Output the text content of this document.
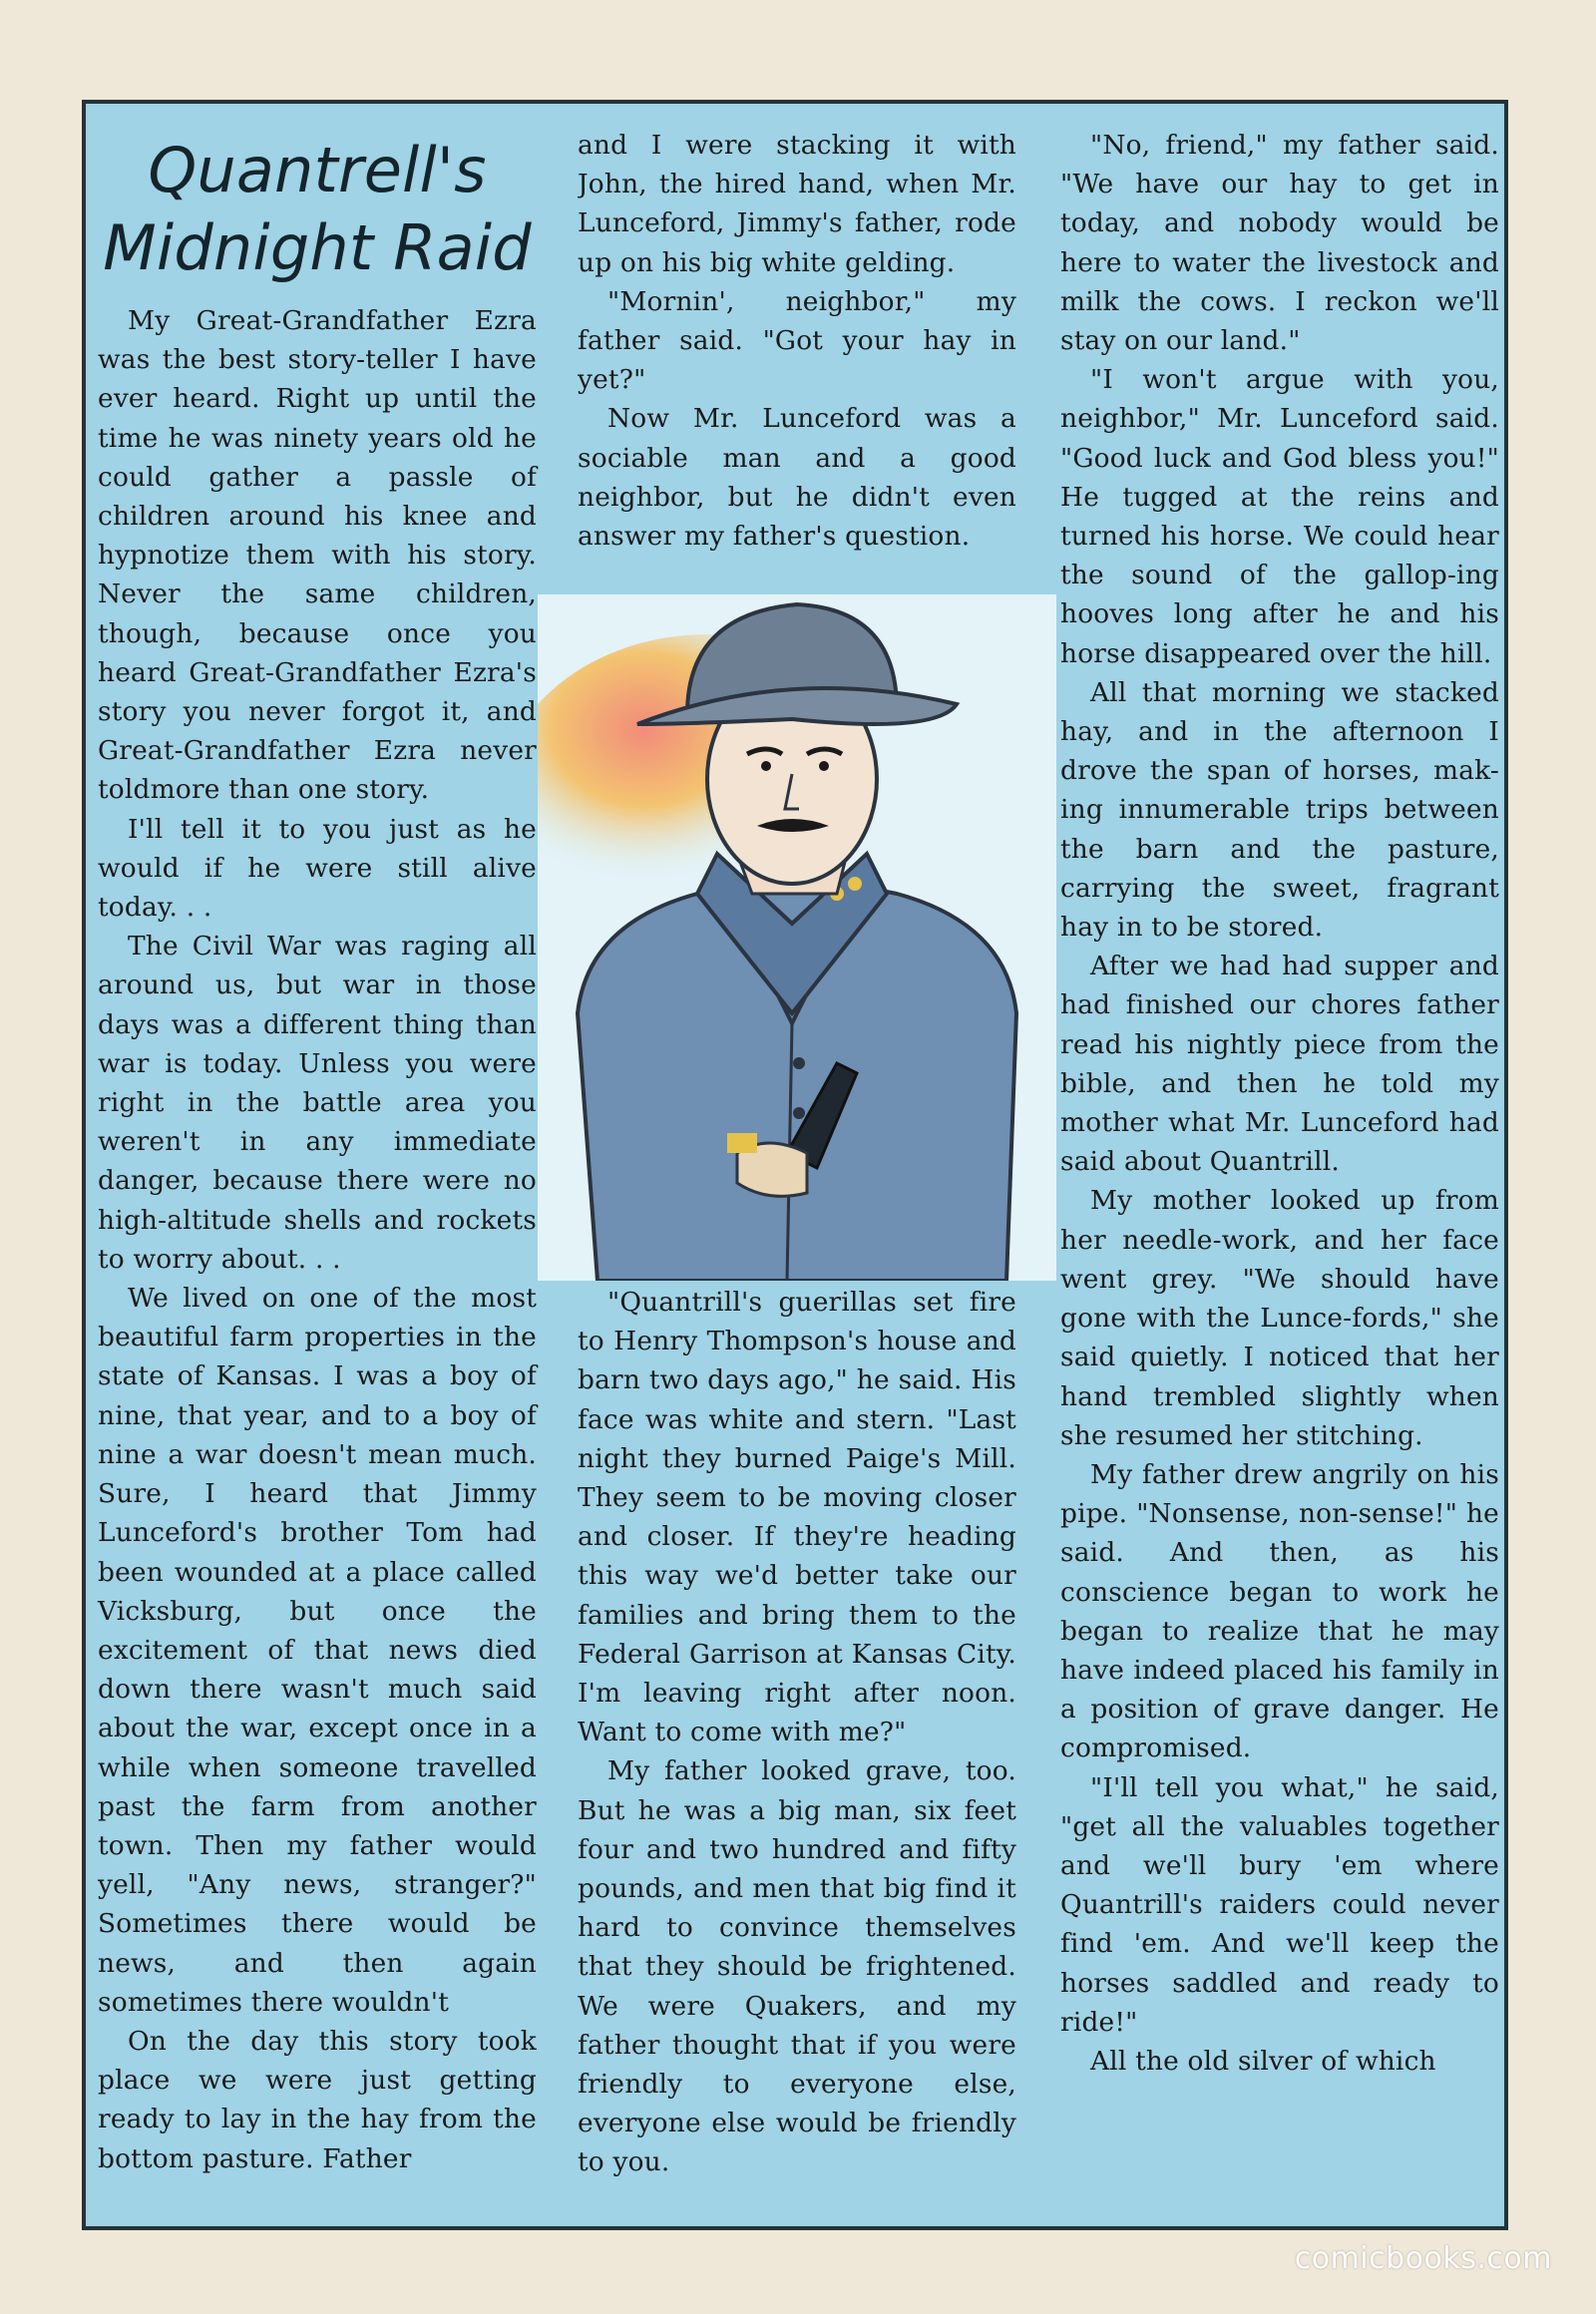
Quantrell's
Midnight Raid

My Great-Grandfather Ezra was the best story-teller I have ever heard. Right up until the time he was ninety years old he could gather a passle of children around his knee and hypnotize them with his story. Never the same children, though, because once you heard Great-Grandfather Ezra's story you never forgot it, and Great-Grandfather Ezra never toldmore than one story.

I'll tell it to you just as he would if he were still alive today. . .

The Civil War was raging all around us, but war in those days was a different thing than war is today. Unless you were right in the battle area you weren't in any immediate danger, because there were no high-altitude shells and rockets to worry about. . .

We lived on one of the most beautiful farm properties in the state of Kansas. I was a boy of nine, that year, and to a boy of nine a war doesn't mean much. Sure, I heard that Jimmy Lunceford's brother Tom had been wounded at a place called Vicksburg, but once the excitement of that news died down there wasn't much said about the war, except once in a while when someone travelled past the farm from another town. Then my father would yell, "Any news, stranger?" Sometimes there would be news, and then again sometimes there wouldn't

On the day this story took place we were just getting ready to lay in the hay from the bottom pasture. Father

and I were stacking it with John, the hired hand, when Mr. Lunceford, Jimmy's father, rode up on his big white gelding.

"Mornin', neighbor," my father said. "Got your hay in yet?"

Now Mr. Lunceford was a sociable man and a good neighbor, but he didn't even answer my father's question.

"Quantrill's guerillas set fire to Henry Thompson's house and barn two days ago," he said. His face was white and stern. "Last night they burned Paige's Mill. They seem to be moving closer and closer. If they're heading this way we'd better take our families and bring them to the Federal Garrison at Kansas City. I'm leaving right after noon. Want to come with me?"

My father looked grave, too. But he was a big man, six feet four and two hundred and fifty pounds, and men that big find it hard to convince themselves that they should be frightened. We were Quakers, and my father thought that if you were friendly to everyone else, everyone else would be friendly to you.

"No, friend," my father said. "We have our hay to get in today, and nobody would be here to water the livestock and milk the cows. I reckon we'll stay on our land."

"I won't argue with you, neighbor," Mr. Lunceford said. "Good luck and God bless you!" He tugged at the reins and turned his horse. We could hear the sound of the gallop-ing hooves long after he and his horse disappeared over the hill.

All that morning we stacked hay, and in the afternoon I drove the span of horses, mak-ing innumerable trips between the barn and the pasture, carrying the sweet, fragrant hay in to be stored.

After we had had supper and had finished our chores father read his nightly piece from the bible, and then he told my mother what Mr. Lunceford had said about Quantrill.

My mother looked up from her needle-work, and her face went grey. "We should have gone with the Lunce-fords," she said quietly. I noticed that her hand trembled slightly when she resumed her stitching.

My father drew angrily on his pipe. "Nonsense, non-sense!" he said. And then, as his conscience began to work he began to realize that he may have indeed placed his family in a position of grave danger. He compromised.

"I'll tell you what," he said, "get all the valuables together and we'll bury 'em where Quantrill's raiders could never find 'em. And we'll keep the horses saddled and ready to ride!"

All the old silver of which

comicbooks.com
